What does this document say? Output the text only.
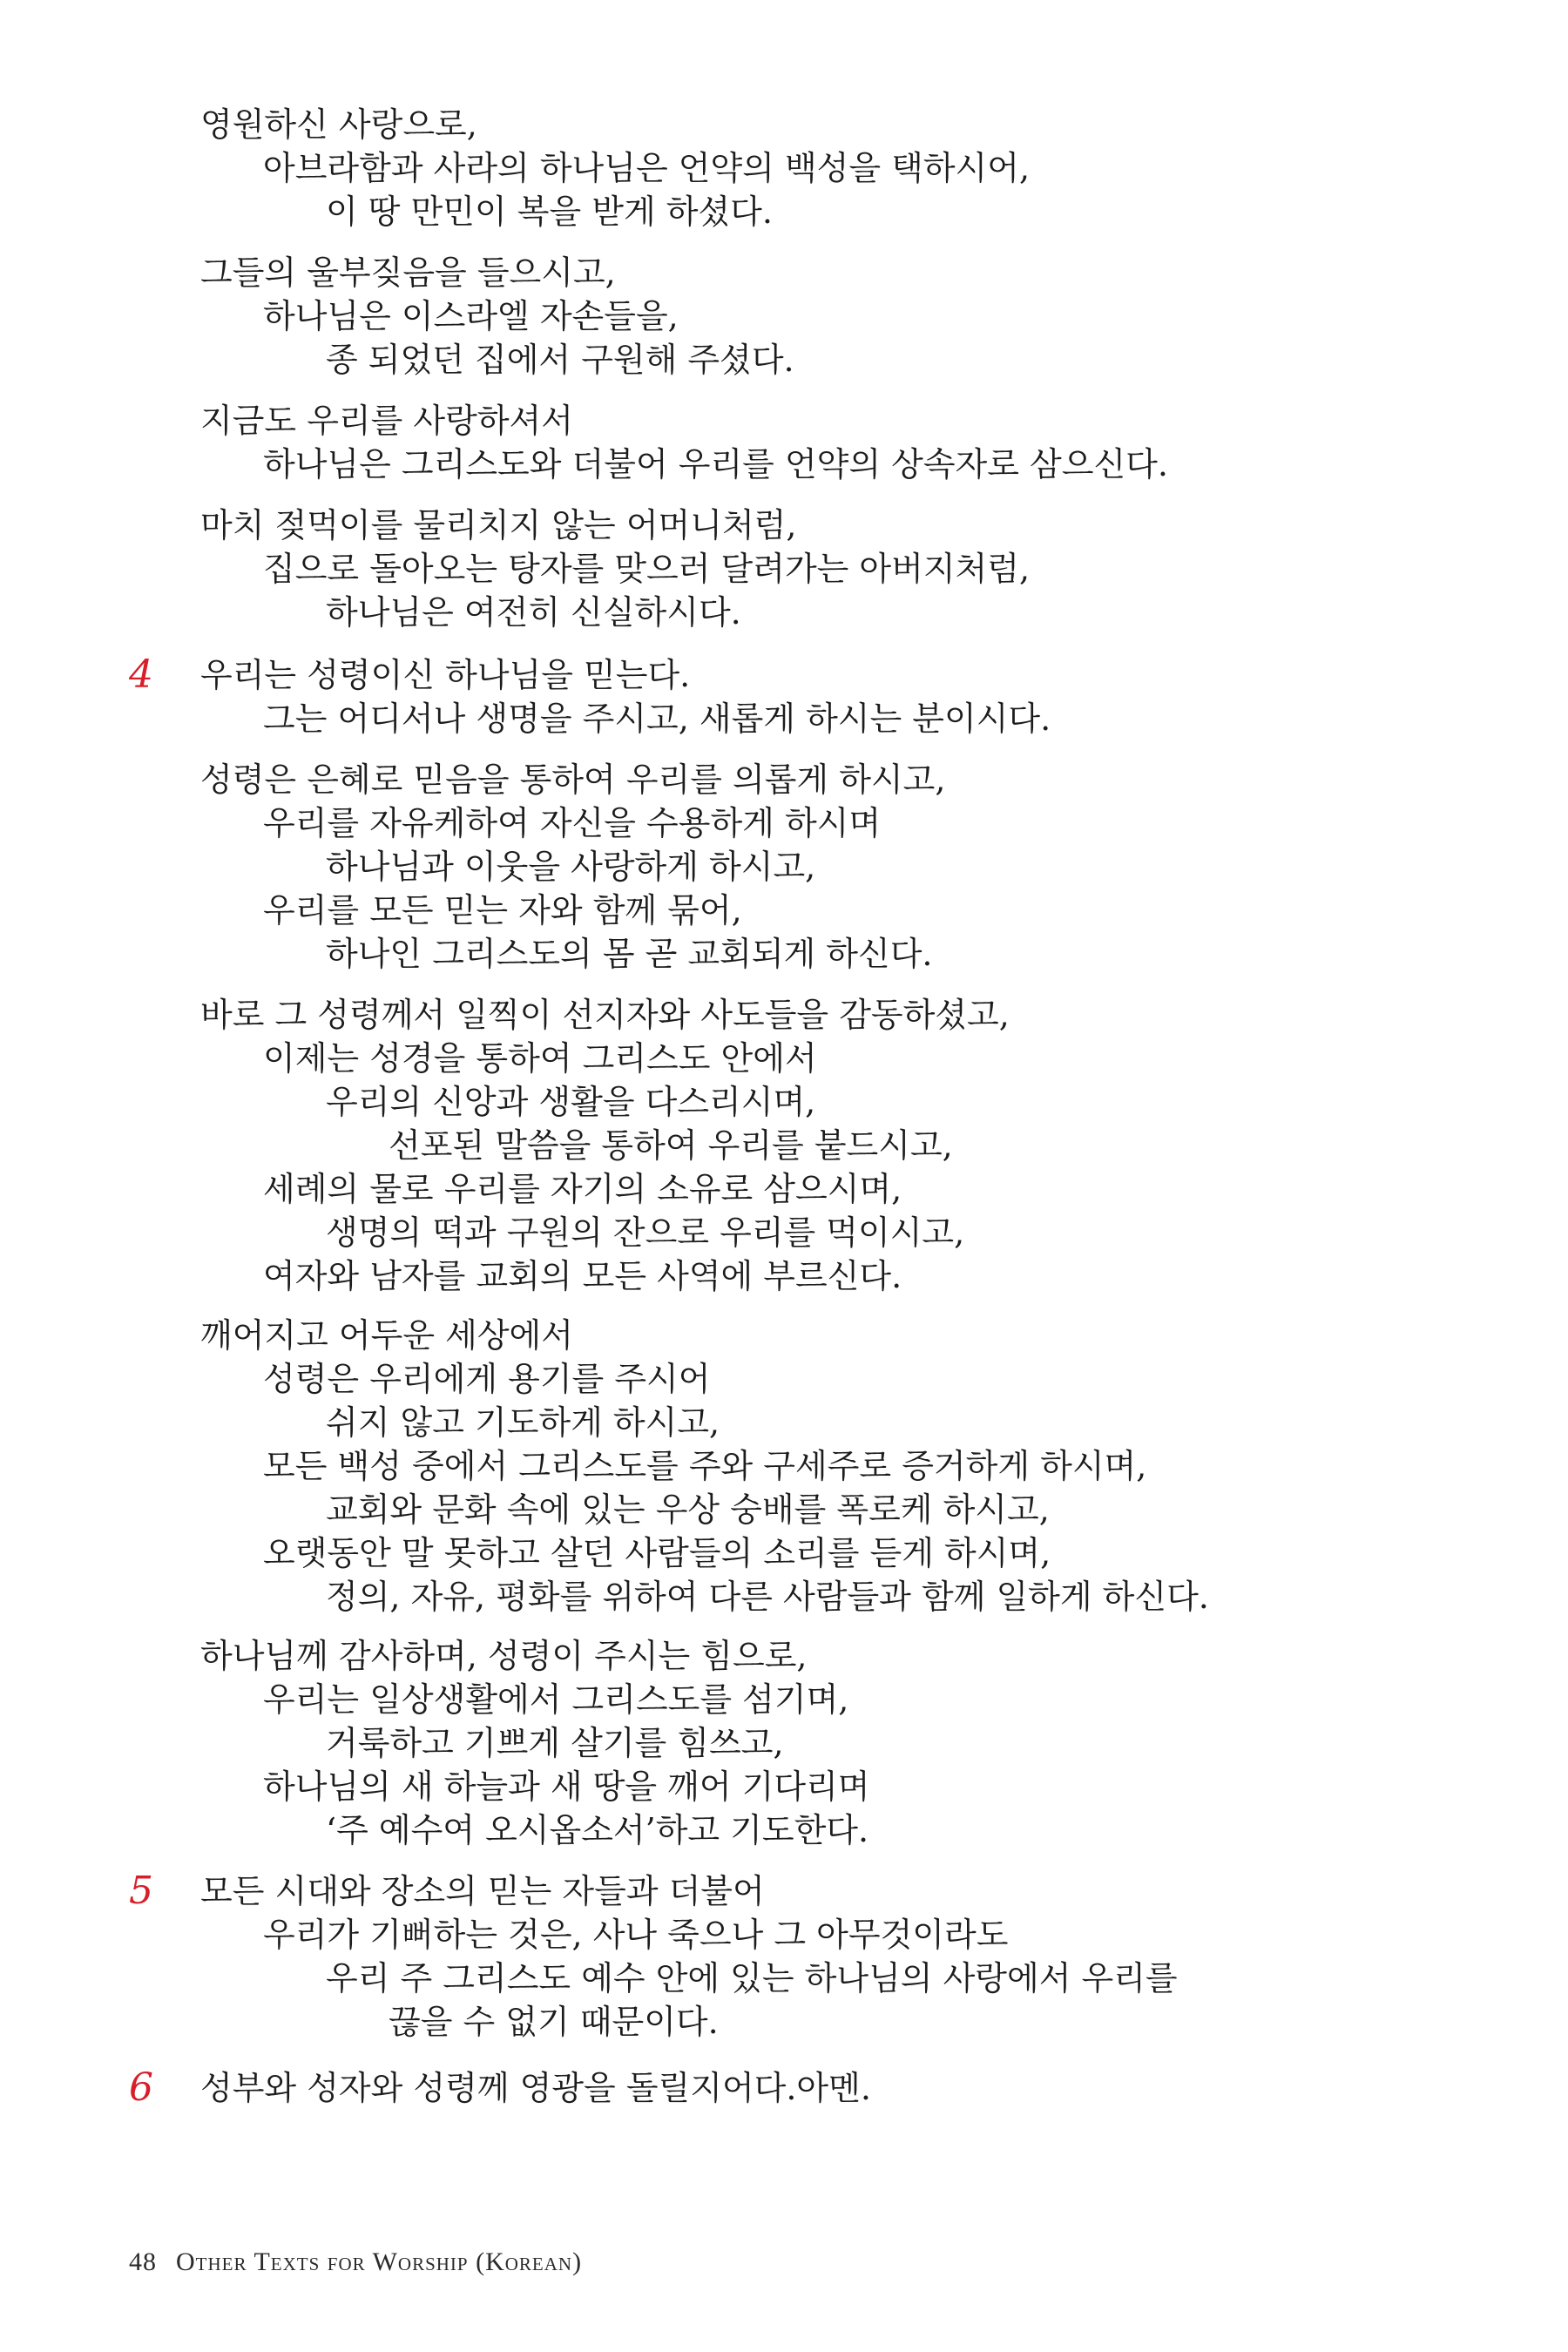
영원하신 사랑으로,
아브라함과 사라의 하나님은 언약의 백성을 택하시어,
이 땅 만민이 복을 받게 하셨다.
그들의 울부짖음을 들으시고,
하나님은 이스라엘 자손들을,
종 되었던 집에서 구원해 주셨다.
지금도 우리를 사랑하셔서
하나님은 그리스도와 더불어 우리를 언약의 상속자로 삼으신다.
마치 젖먹이를 물리치지 않는 어머니처럼,
집으로 돌아오는 탕자를 맞으러 달려가는 아버지처럼,
하나님은 여전히 신실하시다.
4 우리는 성령이신 하나님을 믿는다.
그는 어디서나 생명을 주시고, 새롭게 하시는 분이시다.
성령은 은혜로 믿음을 통하여 우리를 의롭게 하시고,
우리를 자유케하여 자신을 수용하게 하시며
하나님과 이웃을 사랑하게 하시고,
우리를 모든 믿는 자와 함께 묶어,
하나인 그리스도의 몸 곧 교회되게 하신다.
바로 그 성령께서 일찍이 선지자와 사도들을 감동하셨고,
이제는 성경을 통하여 그리스도 안에서
우리의 신앙과 생활을 다스리시며,
선포된 말씀을 통하여 우리를 붙드시고,
세례의 물로 우리를 자기의 소유로 삼으시며,
생명의 떡과 구원의 잔으로 우리를 먹이시고,
여자와 남자를 교회의 모든 사역에 부르신다.
깨어지고 어두운 세상에서
성령은 우리에게 용기를 주시어
쉬지 않고 기도하게 하시고,
모든 백성 중에서 그리스도를 주와 구세주로 증거하게 하시며,
교회와 문화 속에 있는 우상 숭배를 폭로케 하시고,
오랫동안 말 못하고 살던 사람들의 소리를 듣게 하시며,
정의, 자유, 평화를 위하여 다른 사람들과 함께 일하게 하신다.
하나님께 감사하며, 성령이 주시는 힘으로,
우리는 일상생활에서 그리스도를 섬기며,
거룩하고 기쁘게 살기를 힘쓰고,
하나님의 새 하늘과 새 땅을 깨어 기다리며
‘주 예수여 오시옵소서’하고 기도한다.
5 모든 시대와 장소의 믿는 자들과 더불어
우리가 기뻐하는 것은, 사나 죽으나 그 아무것이라도
우리 주 그리스도 예수 안에 있는 하나님의 사랑에서 우리를
끊을 수 없기 때문이다.
6 성부와 성자와 성령께 영광을 돌릴지어다.아멘.
48 Other Texts for Worship (Korean)
